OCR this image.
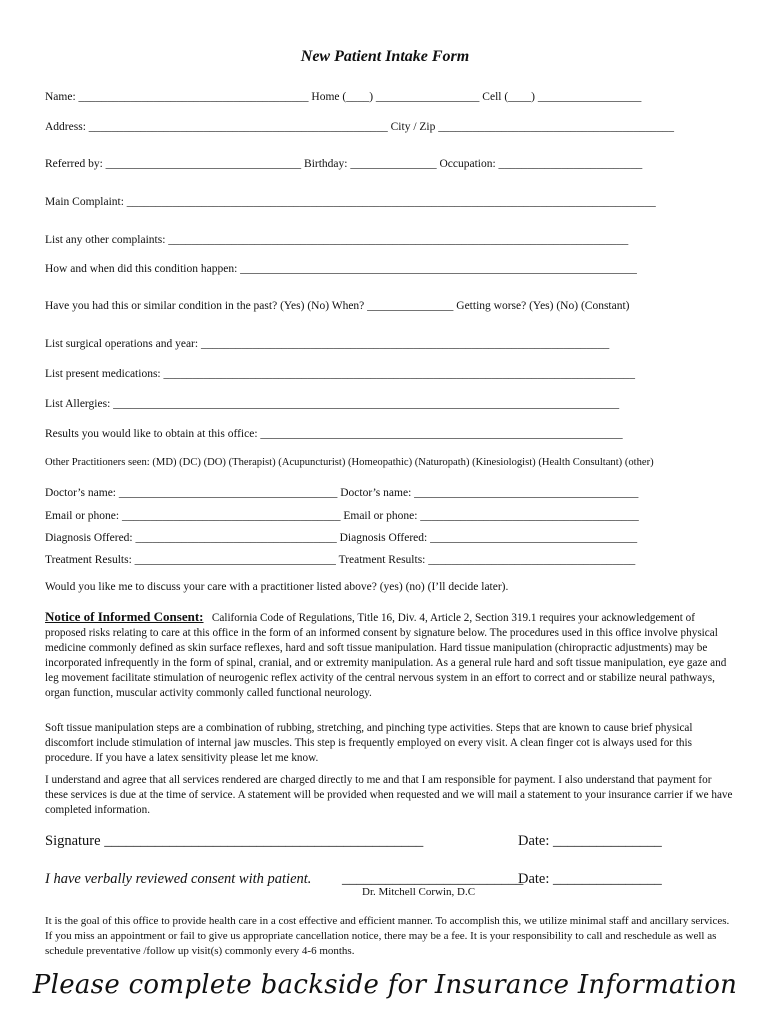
New Patient Intake Form
Name: ________________________________________ Home (____) __________________ Cell (____) __________________
Address: ____________________________________________________ City / Zip _________________________________________
Referred by: __________________________________ Birthday: _______________ Occupation: _________________________
Main Complaint: ____________________________________________________________________________________________
List any other complaints: ________________________________________________________________________________
How and when did this condition happen: _____________________________________________________________________
Have you had this or similar condition in the past? (Yes) (No) When? _______________ Getting worse? (Yes) (No) (Constant)
List surgical operations and year: _______________________________________________________________________
List present medications: __________________________________________________________________________________
List Allergies: ________________________________________________________________________________________
Results you would like to obtain at this office: _______________________________________________________________
Other Practitioners seen: (MD) (DC) (DO) (Therapist) (Acupuncturist) (Homeopathic) (Naturopath) (Kinesiologist) (Health Consultant) (other)
Doctor’s name: ______________________________________ Doctor’s name: _______________________________________
Email or phone: ______________________________________ Email or phone: ______________________________________
Diagnosis Offered: ___________________________________ Diagnosis Offered: ____________________________________
Treatment Results: ___________________________________ Treatment Results: ____________________________________
Would you like me to discuss your care with a practitioner listed above? (yes) (no) (I’ll decide later).
Notice of Informed Consent: California Code of Regulations, Title 16, Div. 4, Article 2, Section 319.1 requires your acknowledgement of proposed risks relating to care at this office in the form of an informed consent by signature below. The procedures used in this office involve physical medicine commonly defined as skin surface reflexes, hard and soft tissue manipulation. Hard tissue manipulation (chiropractic adjustments) may be incorporated infrequently in the form of spinal, cranial, and or extremity manipulation. As a general rule hard and soft tissue manipulation, eye gaze and leg movement facilitate stimulation of neurogenic reflex activity of the central nervous system in an effort to correct and or stabilize neural pathways, organ function, muscular activity commonly called functional neurology.
Soft tissue manipulation steps are a combination of rubbing, stretching, and pinching type activities. Steps that are known to cause brief physical discomfort include stimulation of internal jaw muscles. This step is frequently employed on every visit. A clean finger cot is always used for this procedure. If you have a latex sensitivity please let me know.
I understand and agree that all services rendered are charged directly to me and that I am responsible for payment. I also understand that payment for these services is due at the time of service. A statement will be provided when requested and we will mail a statement to your insurance carrier if we have completed information.
Signature ____________________________________________	Date: _______________
I have verbally reviewed consent with patient. _________________________
Date: _______________
Dr. Mitchell Corwin, D.C
It is the goal of this office to provide health care in a cost effective and efficient manner. To accomplish this, we utilize minimal staff and ancillary services. If you miss an appointment or fail to give us appropriate cancellation notice, there may be a fee. It is your responsibility to call and reschedule as well as schedule preventative /follow up visit(s) commonly every 4-6 months.
Please complete backside for Insurance Information
